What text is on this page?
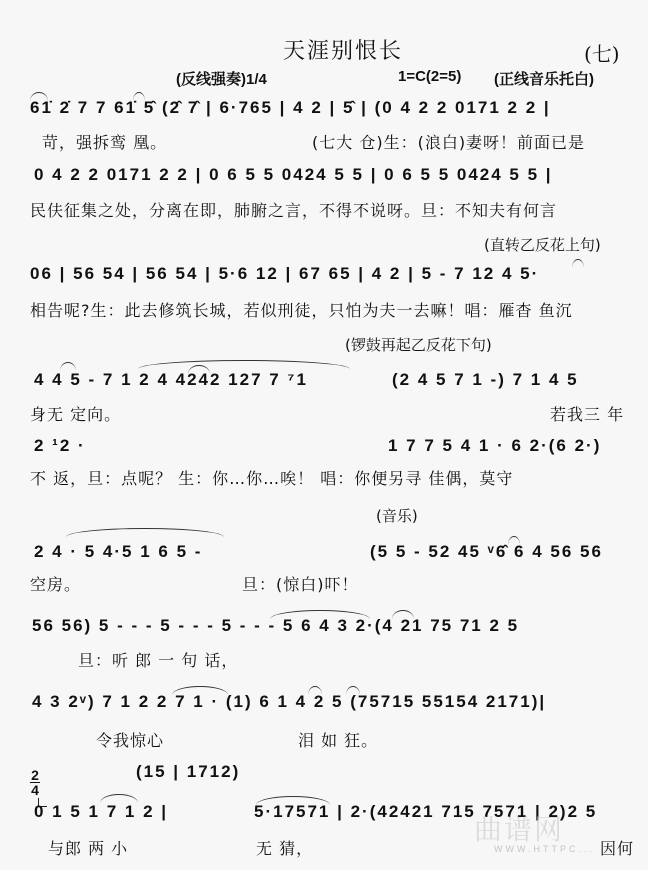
天涯别恨长	(七)
(反线强奏)1/4	1=C(2=5) (正线音乐托白)
61̇ 2̇ 7 7 61̇ 5̂ (2̂ 7̂ | 6·765 | 4 2 | 5̂ | (0 4 2 2 0171 2 2 |
苛，强拆鸾 凰。	(七大 仓)生：(浪白)妻呀！前面已是
0 4 2 2 0171 2 2 | 0 6 5 5 0424 5 5 | 0 6 5 5 0424 5 5 |
民伕征集之处，分离在即，肺腑之言，不得不说呀。旦：不知夫有何言
(直转乙反花上句)
06 | 56 54 | 56 54 | 5·6 12 | 67 65 | 4 2 | 5 - 7 12 4 5·
相告呢?生：此去修筑长城，若似刑徒，只怕为夫一去嘛！唱：雁杳 鱼沉
(锣鼓再起乙反花下句)
4 4 5 - 7 1 2 4 4242 127 7 ⁷1	(2 4 5 7 1 -) 7 1 4 5
身无 定向。	若我三 年
2 ¹2 ·	1 7 7 5 4 1 · 6 2·(6 2·)
不 返，旦：点呢？ 生：你…你…唉！ 唱：你便另寻 佳偶，莫守
(音乐)
2 4 · 5 4·5 1 6 5 -	(5 5 - 52 45 ᵛ6̂ 6 4 56 56
空房。	旦：(惊白)吓！
56 56) 5 - - - 5 - - - 5 - - - 5 6 4 3 2·(4 21 75 71 2 5
旦：听 郎 一 句 话，
4 3 2ᵛ) 7 1 2 2 7 1 · (1) 6 1 4 2 5 (75715 55154 2171)|
令我惊心	泪 如 狂。
2
4
(15 | 1712)
0 1 5 1 7 1 2 |	5·17571 | 2·(42421 715 7571 | 2)2 5
与郎 两 小	无 猜，	因何
曲谱网
WWW.HTTPC...
